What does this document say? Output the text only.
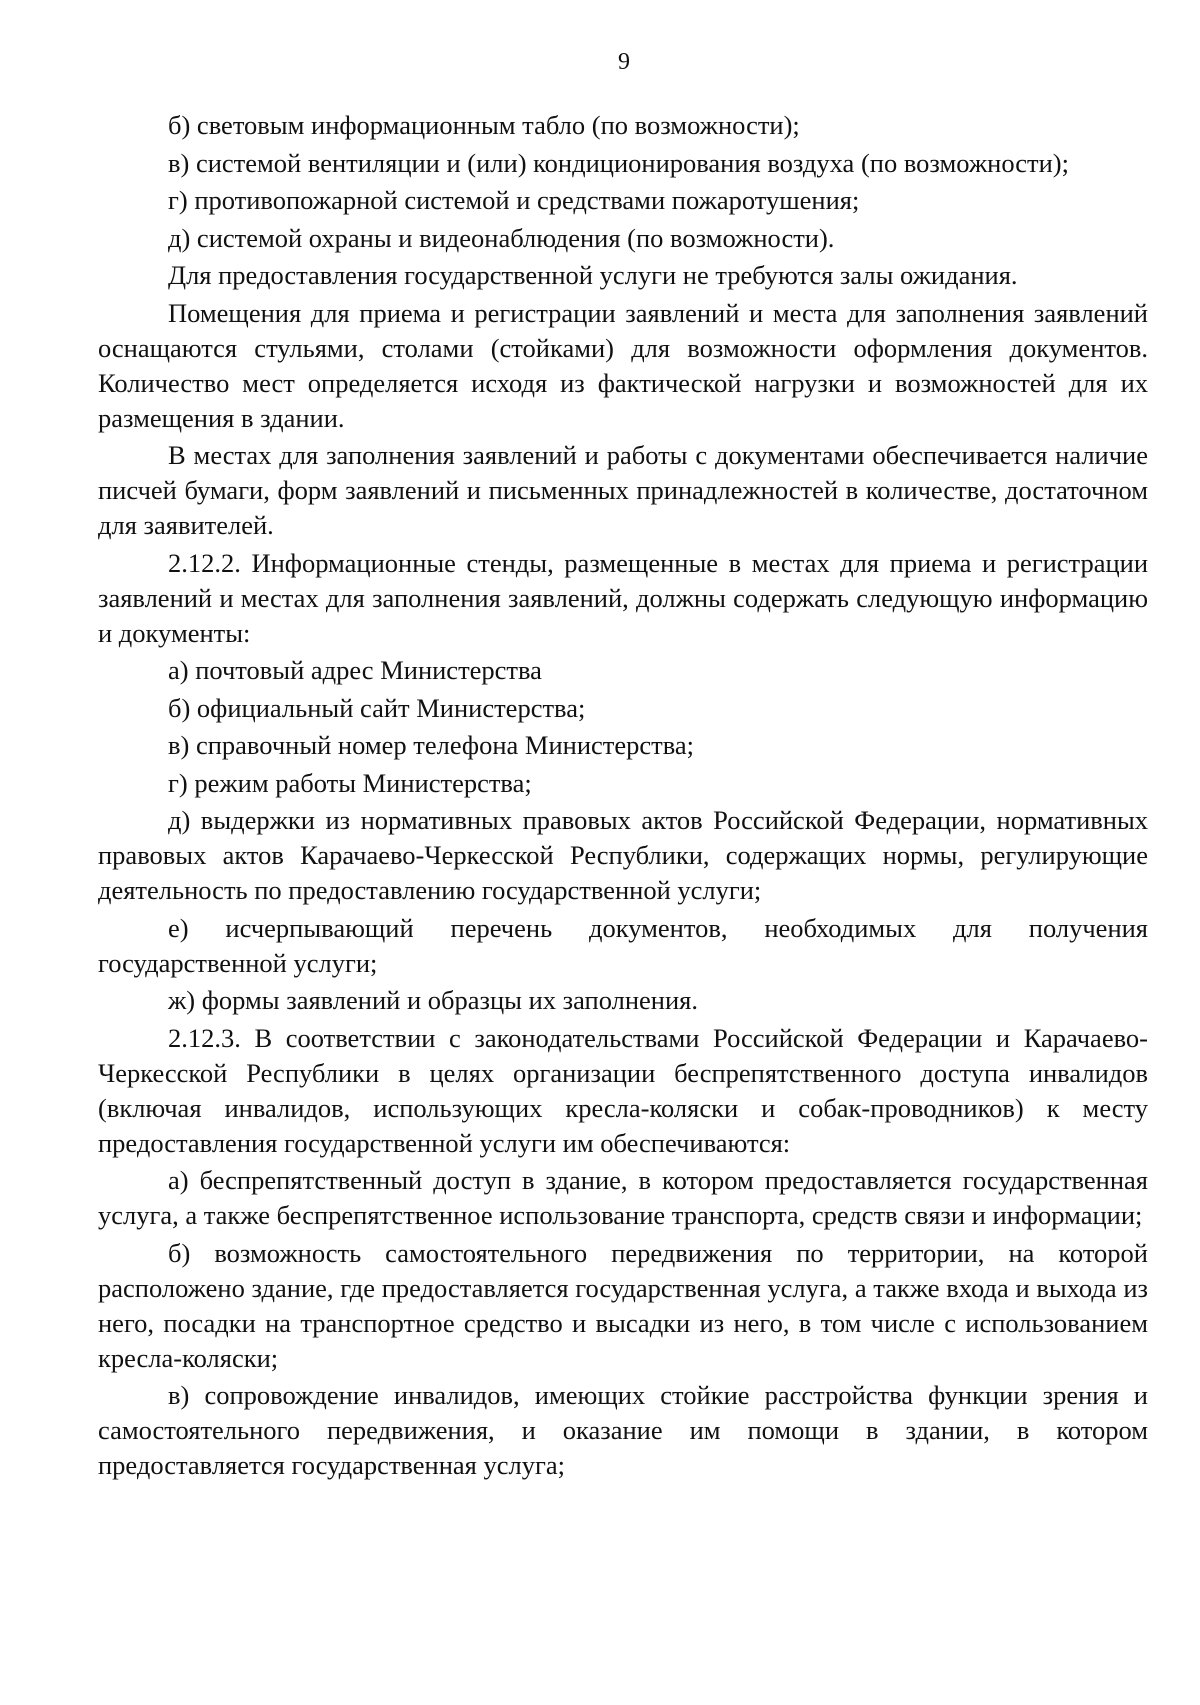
9

б) световым информационным табло (по возможности);

в) системой вентиляции и (или) кондиционирования воздуха (по возможности);

г) противопожарной системой и средствами пожаротушения;

д) системой охраны и видеонаблюдения (по возможности).

Для предоставления государственной услуги не требуются залы ожидания.

Помещения для приема и регистрации заявлений и места для заполнения заявлений оснащаются стульями, столами (стойками) для возможности оформления документов. Количество мест определяется исходя из фактической нагрузки и возможностей для их размещения в здании.

В местах для заполнения заявлений и работы с документами обеспечивается наличие писчей бумаги, форм заявлений и письменных принадлежностей в количестве, достаточном для заявителей.

2.12.2. Информационные стенды, размещенные в местах для приема и регистрации заявлений и местах для заполнения заявлений, должны содержать следующую информацию и документы:

а) почтовый адрес Министерства

б) официальный сайт Министерства;

в) справочный номер телефона Министерства;

г) режим работы Министерства;

д) выдержки из нормативных правовых актов Российской Федерации, нормативных правовых актов Карачаево-Черкесской Республики, содержащих нормы, регулирующие деятельность по предоставлению государственной услуги;

е) исчерпывающий перечень документов, необходимых для получения государственной услуги;

ж) формы заявлений и образцы их заполнения.

2.12.3. В соответствии с законодательствами Российской Федерации и Карачаево-Черкесской Республики в целях организации беспрепятственного доступа инвалидов (включая инвалидов, использующих кресла-коляски и собак-проводников) к месту предоставления государственной услуги им обеспечиваются:

а) беспрепятственный доступ в здание, в котором предоставляется государственная услуга, а также беспрепятственное использование транспорта, средств связи и информации;

б) возможность самостоятельного передвижения по территории, на которой расположено здание, где предоставляется государственная услуга, а также входа и выхода из него, посадки на транспортное средство и высадки из него, в том числе с использованием кресла-коляски;

в) сопровождение инвалидов, имеющих стойкие расстройства функции зрения и самостоятельного передвижения, и оказание им помощи в здании, в котором предоставляется государственная услуга;
